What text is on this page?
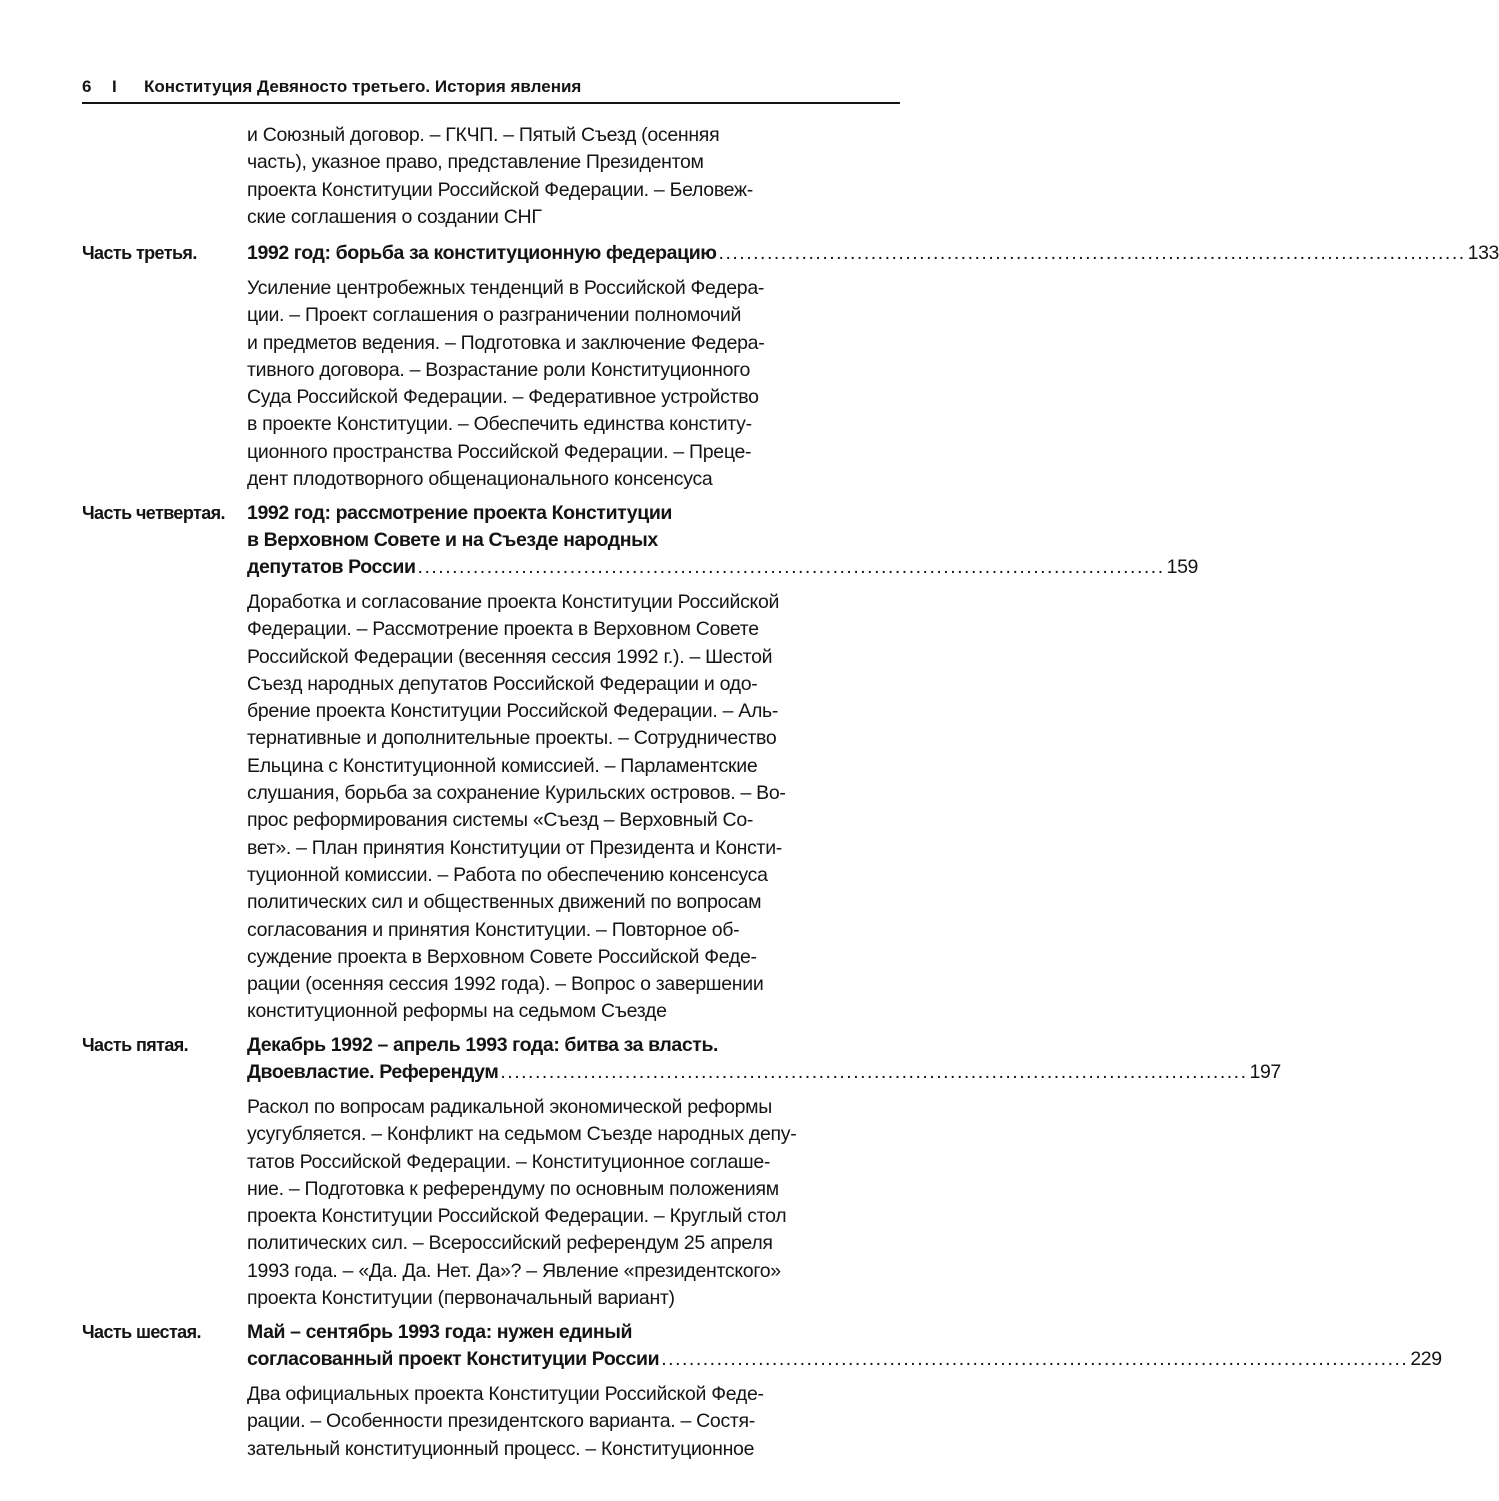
6 I Конституция Девяносто третьего. История явления
и Союзный договор. – ГКЧП. – Пятый Съезд (осенняя
часть), указное право, представление Президентом
проекта Конституции Российской Федерации. – Беловеж-
ские соглашения о создании СНГ
Часть третья.	1992 год: борьба за конституционную федерацию ............................................................................................................ 133
Усиление центробежных тенденций в Российской Федера-
ции. – Проект соглашения о разграничении полномочий
и предметов ведения. – Подготовка и заключение Федера-
тивного договора. – Возрастание роли Конституционного
Суда Российской Федерации. – Федеративное устройство
в проекте Конституции. – Обеспечить единства конститу-
ционного пространства Российской Федерации. – Преце-
дент плодотворного общенационального консенсуса
Часть четвертая.	1992 год: рассмотрение проекта Конституции
в Верховном Совете и на Съезде народных
депутатов России ............................................................................................................ 159
Доработка и согласование проекта Конституции Российской
Федерации. – Рассмотрение проекта в Верховном Совете
Российской Федерации (весенняя сессия 1992 г.). – Шестой
Съезд народных депутатов Российской Федерации и одо-
брение проекта Конституции Российской Федерации. – Аль-
тернативные и дополнительные проекты. – Сотрудничество
Ельцина с Конституционной комиссией. – Парламентские
слушания, борьба за сохранение Курильских островов. – Во-
прос реформирования системы «Съезд – Верховный Со-
вет». – План принятия Конституции от Президента и Консти-
туционной комиссии. – Работа по обеспечению консенсуса
политических сил и общественных движений по вопросам
согласования и принятия Конституции. – Повторное об-
суждение проекта в Верховном Совете Российской Феде-
рации (осенняя сессия 1992 года). – Вопрос о завершении
конституционной реформы на седьмом Съезде
Часть пятая.	Декабрь 1992 – апрель 1993 года: битва за власть.
Двоевластие. Референдум ............................................................................................................ 197
Раскол по вопросам радикальной экономической реформы
усугубляется. – Конфликт на седьмом Съезде народных депу-
татов Российской Федерации. – Конституционное соглаше-
ние. – Подготовка к референдуму по основным положениям
проекта Конституции Российской Федерации. – Круглый стол
политических сил. – Всероссийский референдум 25 апреля
1993 года. – «Да. Да. Нет. Да»? – Явление «президентского»
проекта Конституции (первоначальный вариант)
Часть шестая.	Май – сентябрь 1993 года: нужен единый
согласованный проект Конституции России ............................................................................................................ 229
Два официальных проекта Конституции Российской Феде-
рации. – Особенности президентского варианта. – Состя-
зательный конституционный процесс. – Конституционное
